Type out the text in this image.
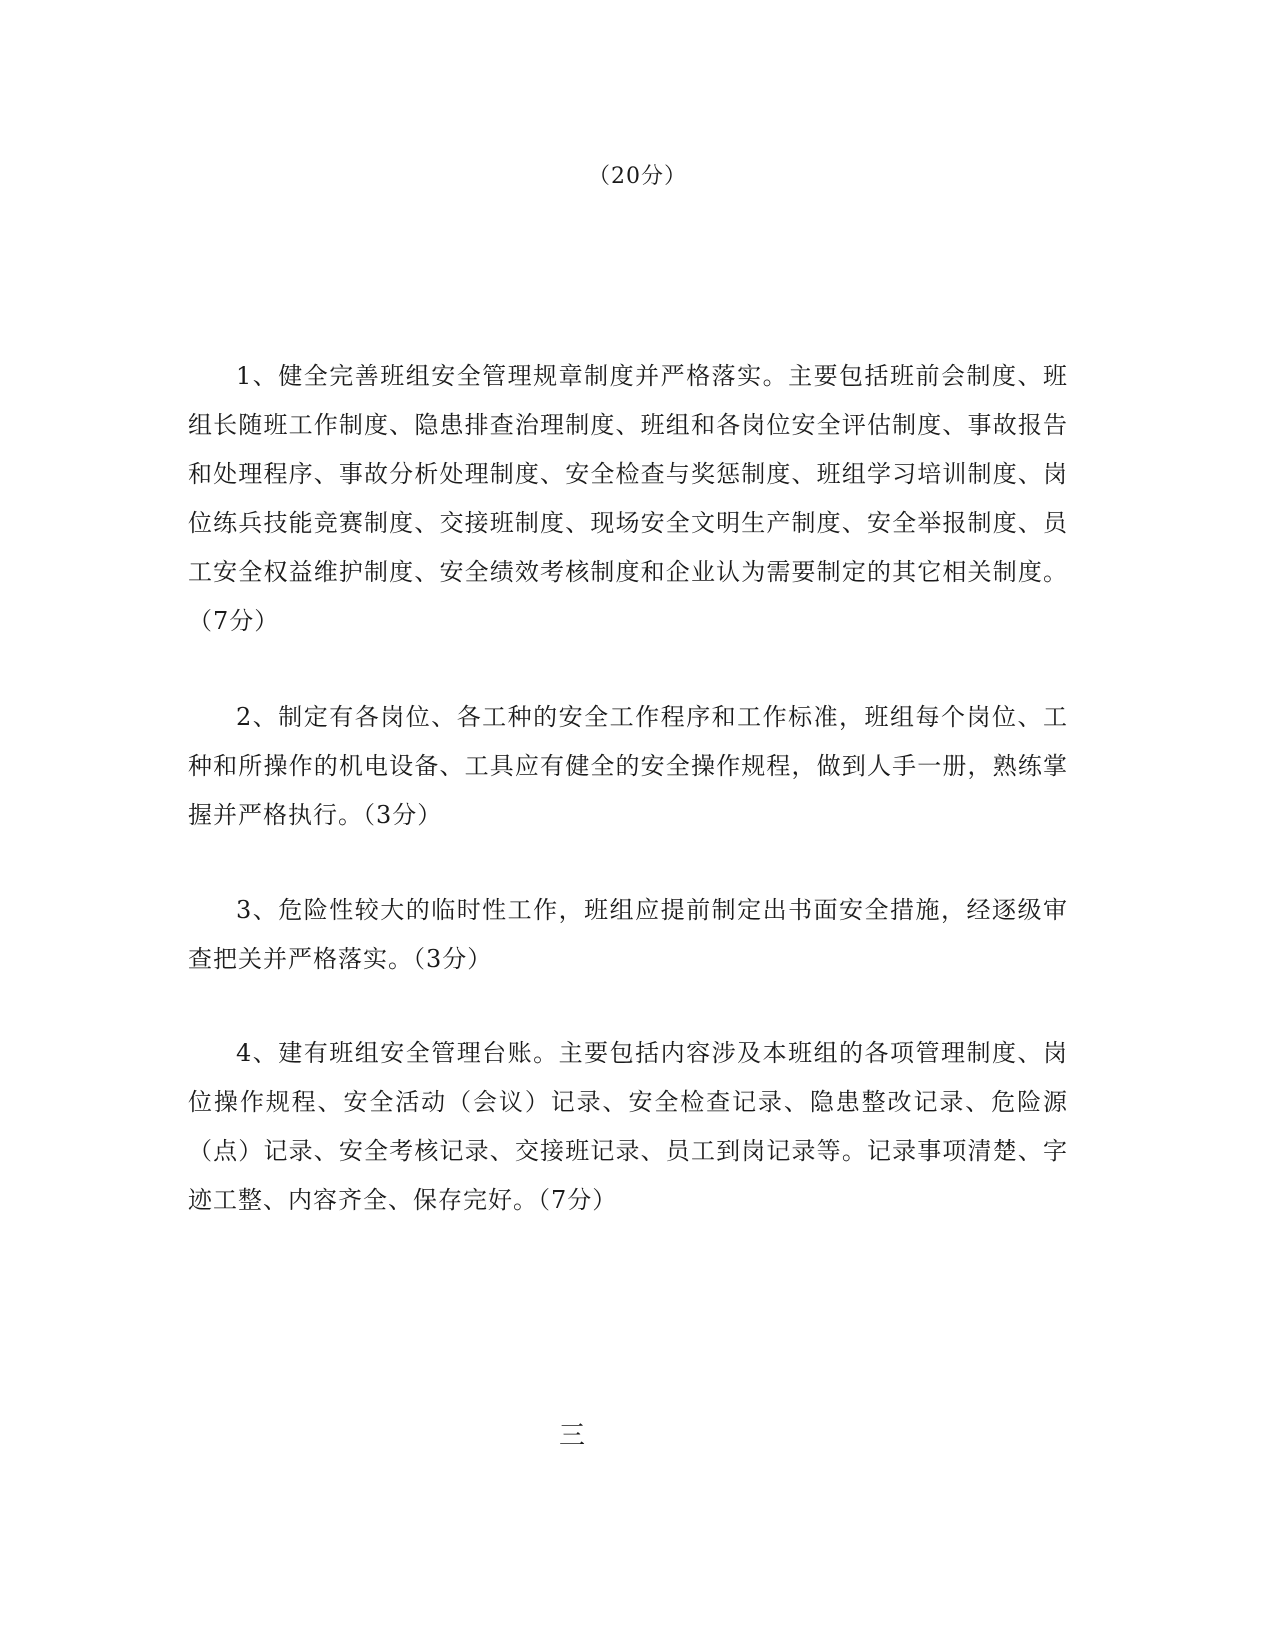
（20分）

1、健全完善班组安全管理规章制度并严格落实。主要包括班前会制度、班组长随班工作制度、隐患排查治理制度、班组和各岗位安全评估制度、事故报告和处理程序、事故分析处理制度、安全检查与奖惩制度、班组学习培训制度、岗位练兵技能竞赛制度、交接班制度、现场安全文明生产制度、安全举报制度、员工安全权益维护制度、安全绩效考核制度和企业认为需要制定的其它相关制度。（7分）

2、制定有各岗位、各工种的安全工作程序和工作标准，班组每个岗位、工种和所操作的机电设备、工具应有健全的安全操作规程，做到人手一册，熟练掌握并严格执行。（3分）

3、危险性较大的临时性工作，班组应提前制定出书面安全措施，经逐级审查把关并严格落实。（3分）

4、建有班组安全管理台账。主要包括内容涉及本班组的各项管理制度、岗位操作规程、安全活动（会议）记录、安全检查记录、隐患整改记录、危险源（点）记录、安全考核记录、交接班记录、员工到岗记录等。记录事项清楚、字迹工整、内容齐全、保存完好。（7分）

三
